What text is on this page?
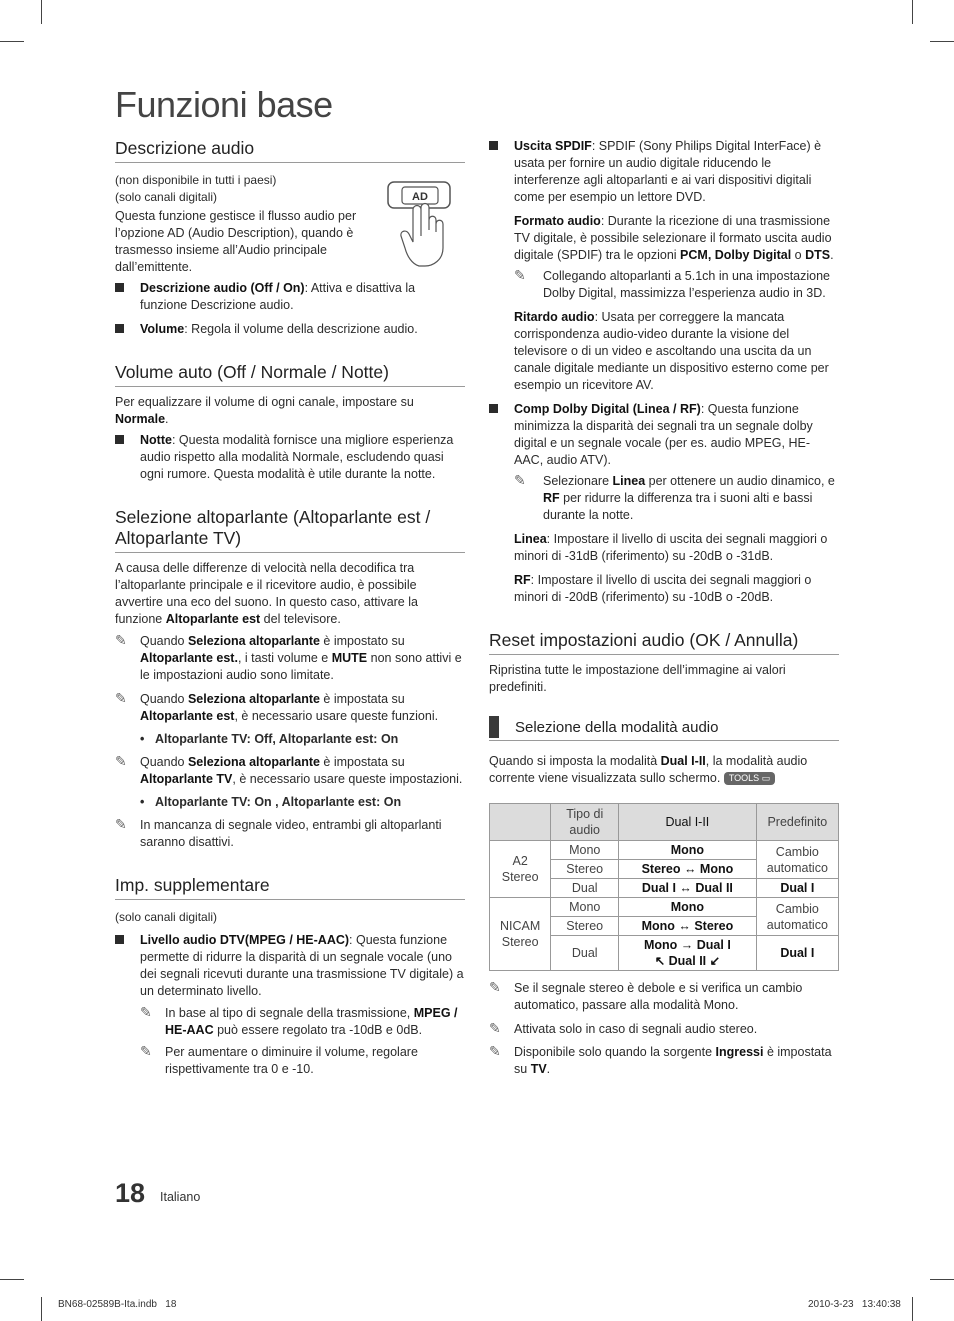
Funzioni base
AD
Descrizione audio

(non disponibile in tutti i paesi)

(solo canali digitali)

Questa funzione gestisce il flusso audio per l’opzione AD (Audio Description), quando è trasmesso insieme all’Audio principale dall’emittente.

Descrizione audio (Off / On): Attiva e disattiva la funzione Descrizione audio.
Volume: Regola il volume della descrizione audio.
Volume auto (Off / Normale / Notte)

Per equalizzare il volume di ogni canale, impostare su Normale.

Notte: Questa modalità fornisce una migliore esperienza audio rispetto alla modalità Normale, escludendo quasi ogni rumore. Questa modalità è utile durante la notte.
Selezione altoparlante (Altoparlante est / Altoparlante TV)

A causa delle differenze di velocità nella decodifica tra l’altoparlante principale e il ricevitore audio, è possibile avvertire una eco del suono. In questo caso, attivare la funzione Altoparlante est del televisore.

✎ Quando Seleziona altoparlante è impostato su Altoparlante est., i tasti volume e MUTE non sono attivi e le impostazioni audio sono limitate.
✎ Quando Seleziona altoparlante è impostata su Altoparlante est, è necessario usare queste funzioni.
• Altoparlante TV: Off, Altoparlante est: On
✎ Quando Seleziona altoparlante è impostata su Altoparlante TV, è necessario usare queste impostazioni.
• Altoparlante TV: On , Altoparlante est: On
✎ In mancanza di segnale video, entrambi gli altoparlanti saranno disattivi.
Imp. supplementare

(solo canali digitali)

Livello audio DTV(MPEG / HE-AAC): Questa funzione permette di ridurre la disparità di un segnale vocale (uno dei segnali ricevuti durante una trasmissione TV digitale) a un determinato livello.
✎ In base al tipo di segnale della trasmissione, MPEG / HE-AAC può essere regolato tra -10dB e 0dB.
✎ Per aumentare o diminuire il volume, regolare rispettivamente tra 0 e -10.
Uscita SPDIF: SPDIF (Sony Philips Digital InterFace) è usata per fornire un audio digitale riducendo le interferenze agli altoparlanti e ai vari dispositivi digitali come per esempio un lettore DVD.

Formato audio: Durante la ricezione di una trasmissione TV digitale, è possibile selezionare il formato uscita audio digitale (SPDIF) tra le opzioni PCM, Dolby Digital o DTS.

✎ Collegando altoparlanti a 5.1ch in una impostazione Dolby Digital, massimizza l’esperienza audio in 3D.

Ritardo audio: Usata per correggere la mancata corrispondenza audio-video durante la visione del televisore o di un video e ascoltando una uscita da un canale digitale mediante un dispositivo esterno come per esempio un ricevitore AV.

Comp Dolby Digital (Linea / RF): Questa funzione minimizza la disparità dei segnali tra un segnale dolby digital e un segnale vocale (per es. audio MPEG, HE-AAC, audio ATV).
✎ Selezionare Linea per ottenere un audio dinamico, e RF per ridurre la differenza tra i suoni alti e bassi durante la notte.

Linea: Impostare il livello di uscita dei segnali maggiori o minori di -31dB (riferimento) su -20dB o -31dB.

RF: Impostare il livello di uscita dei segnali maggiori o minori di -20dB (riferimento) su -10dB o -20dB.

Reset impostazioni audio (OK / Annulla)

Ripristina tutte le impostazione dell’immagine ai valori predefiniti.

Selezione della modalità audio

Quando si imposta la modalità Dual I-II, la modalità audio corrente viene visualizzata sullo schermo. TOOLS ▭

	Tipo di audio	Dual I-II	Predefinito
A2 Stereo	Mono	Mono	Cambio automatico
	Stereo	Stereo ↔ Mono	
	Dual	Dual I ↔ Dual II	Dual I
NICAM Stereo	Mono	Mono	Cambio automatico
	Stereo	Mono ↔ Stereo	
	Dual	Mono → Dual I
↖ Dual II ↙	Dual I
✎ Se il segnale stereo è debole e si verifica un cambio automatico, passare alla modalità Mono.
✎ Attivata solo in caso di segnali audio stereo.
✎ Disponibile solo quando la sorgente Ingressi è impostata su TV.
18 Italiano
BN68-02589B-Ita.indb   18	2010-3-23   13:40:38
